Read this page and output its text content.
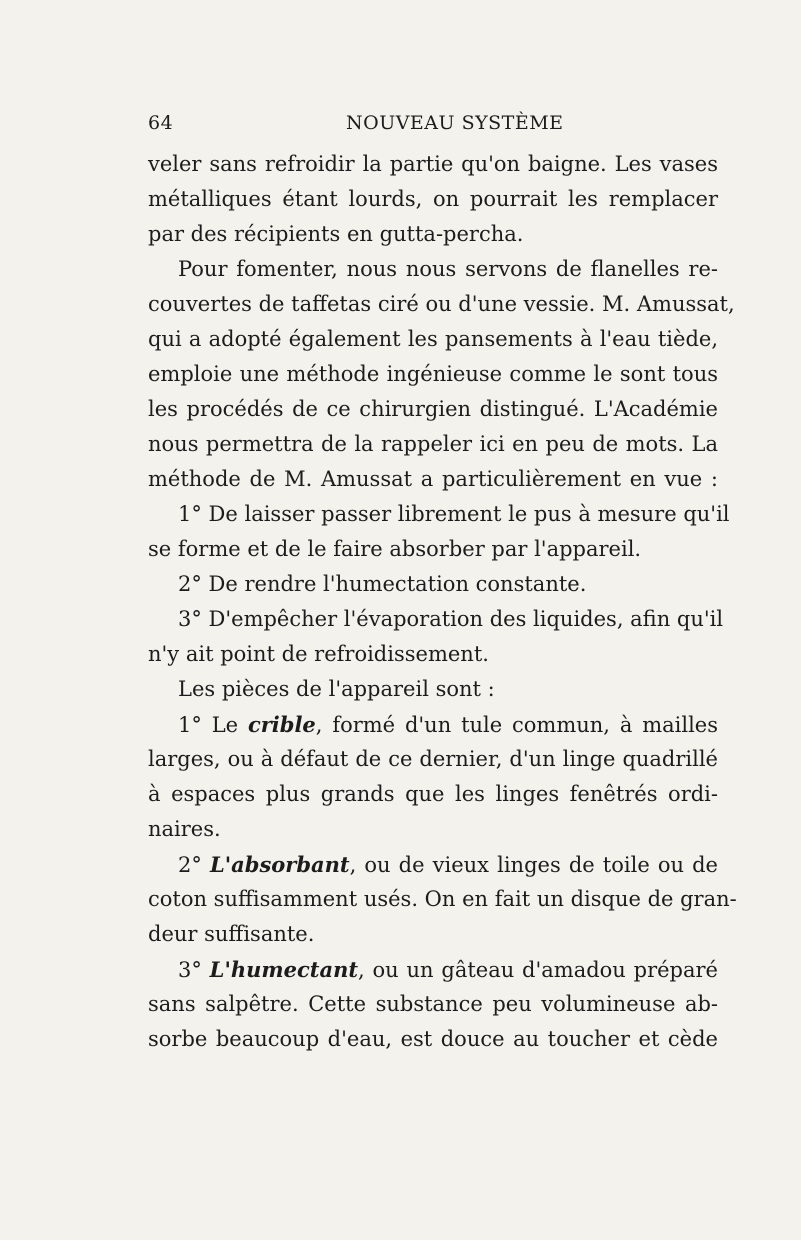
64	NOUVEAU SYSTÈME
veler sans refroidir la partie qu'on baigne. Les vases
métalliques étant lourds, on pourrait les remplacer
par des récipients en gutta-percha.
Pour fomenter, nous nous servons de flanelles re-
couvertes de taffetas ciré ou d'une vessie. M. Amussat,
qui a adopté également les pansements à l'eau tiède,
emploie une méthode ingénieuse comme le sont tous
les procédés de ce chirurgien distingué. L'Académie
nous permettra de la rappeler ici en peu de mots. La
méthode de M. Amussat a particulièrement en vue :
1° De laisser passer librement le pus à mesure qu'il
se forme et de le faire absorber par l'appareil.
2° De rendre l'humectation constante.
3° D'empêcher l'évaporation des liquides, afin qu'il
n'y ait point de refroidissement.
Les pièces de l'appareil sont :
1° Le crible, formé d'un tule commun, à mailles
larges, ou à défaut de ce dernier, d'un linge quadrillé
à espaces plus grands que les linges fenêtrés ordi-
naires.
2° L'absorbant, ou de vieux linges de toile ou de
coton suffisamment usés. On en fait un disque de gran-
deur suffisante.
3° L'humectant, ou un gâteau d'amadou préparé
sans salpêtre. Cette substance peu volumineuse ab-
sorbe beaucoup d'eau, est douce au toucher et cède
